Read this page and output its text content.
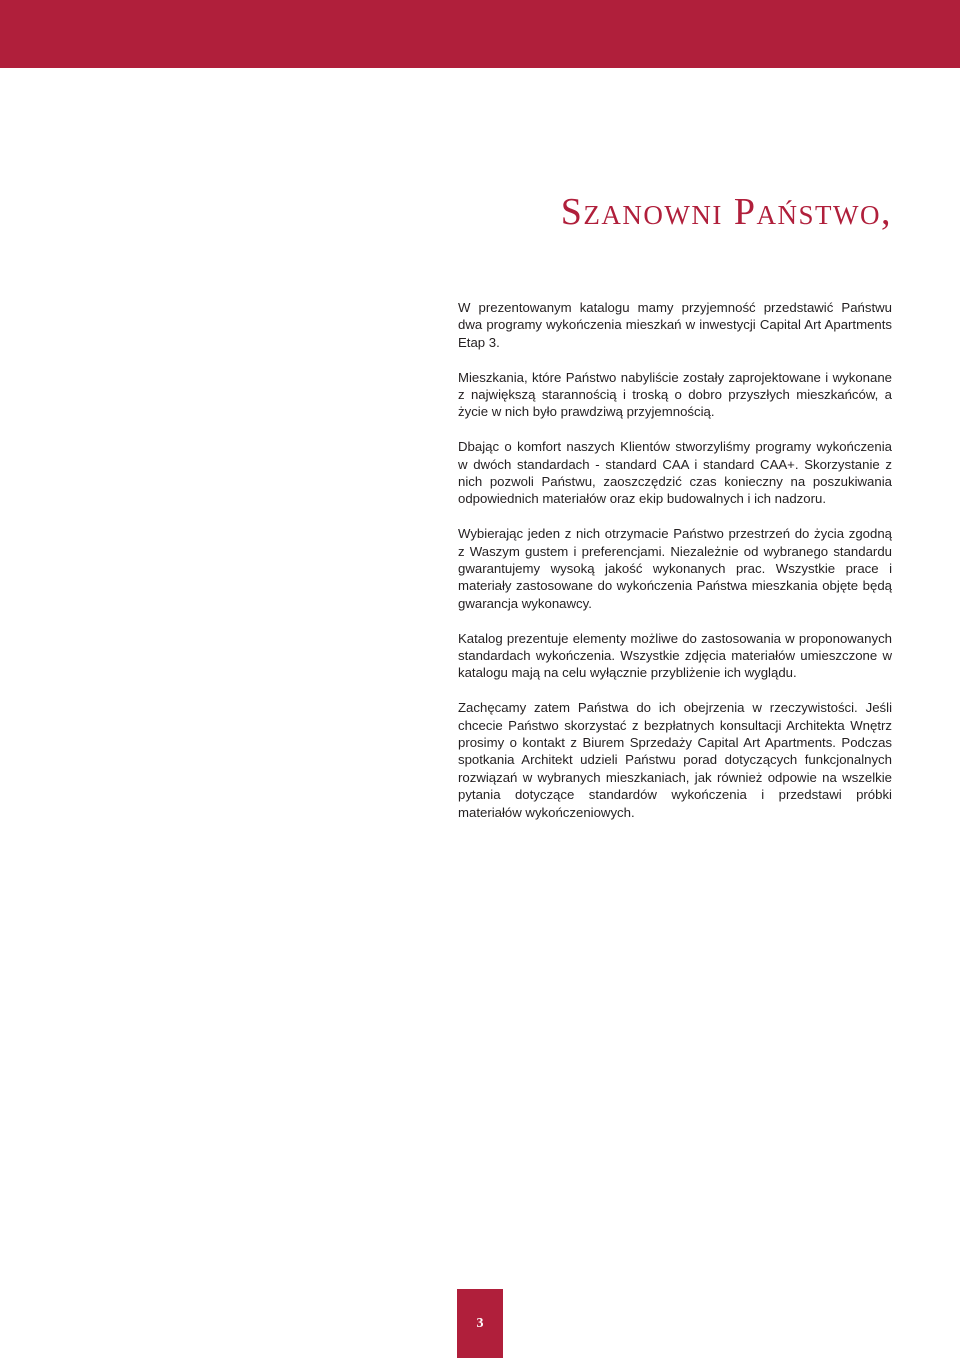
Szanowni Państwo,

W prezentowanym katalogu mamy przyjemność przedstawić Państwu dwa programy wykończenia mieszkań w inwestycji Capital Art Apartments Etap 3.

Mieszkania, które Państwo nabyliście zostały zaprojektowane i wykonane z największą starannością i troską o dobro przyszłych mieszkańców, a życie w nich było prawdziwą przyjemnością.

Dbając o komfort naszych Klientów stworzyliśmy programy wykończenia w dwóch standardach - standard CAA i standard CAA+. Skorzystanie z nich pozwoli Państwu, zaoszczędzić czas konieczny na poszukiwania odpowiednich materiałów oraz ekip budowalnych i ich nadzoru.

Wybierając jeden z nich otrzymacie Państwo przestrzeń do życia zgodną z Waszym gustem i preferencjami. Niezależnie od wybranego standardu gwarantujemy wysoką jakość wykonanych prac. Wszystkie prace i materiały zastosowane do wykończenia Państwa mieszkania objęte będą gwarancja wykonawcy.

Katalog prezentuje elementy możliwe do zastosowania w proponowanych standardach wykończenia. Wszystkie zdjęcia materiałów umieszczone w katalogu mają na celu wyłącznie przybliżenie ich wyglądu.

Zachęcamy zatem Państwa do ich obejrzenia w rzeczywistości. Jeśli chcecie Państwo skorzystać z bezpłatnych konsultacji Architekta Wnętrz prosimy o kontakt z Biurem Sprzedaży Capital Art Apartments. Podczas spotkania Architekt udzieli Państwu porad dotyczących funkcjonalnych rozwiązań w wybranych mieszkaniach, jak również odpowie na wszelkie pytania dotyczące standardów wykończenia i przedstawi próbki materiałów wykończeniowych.

3
